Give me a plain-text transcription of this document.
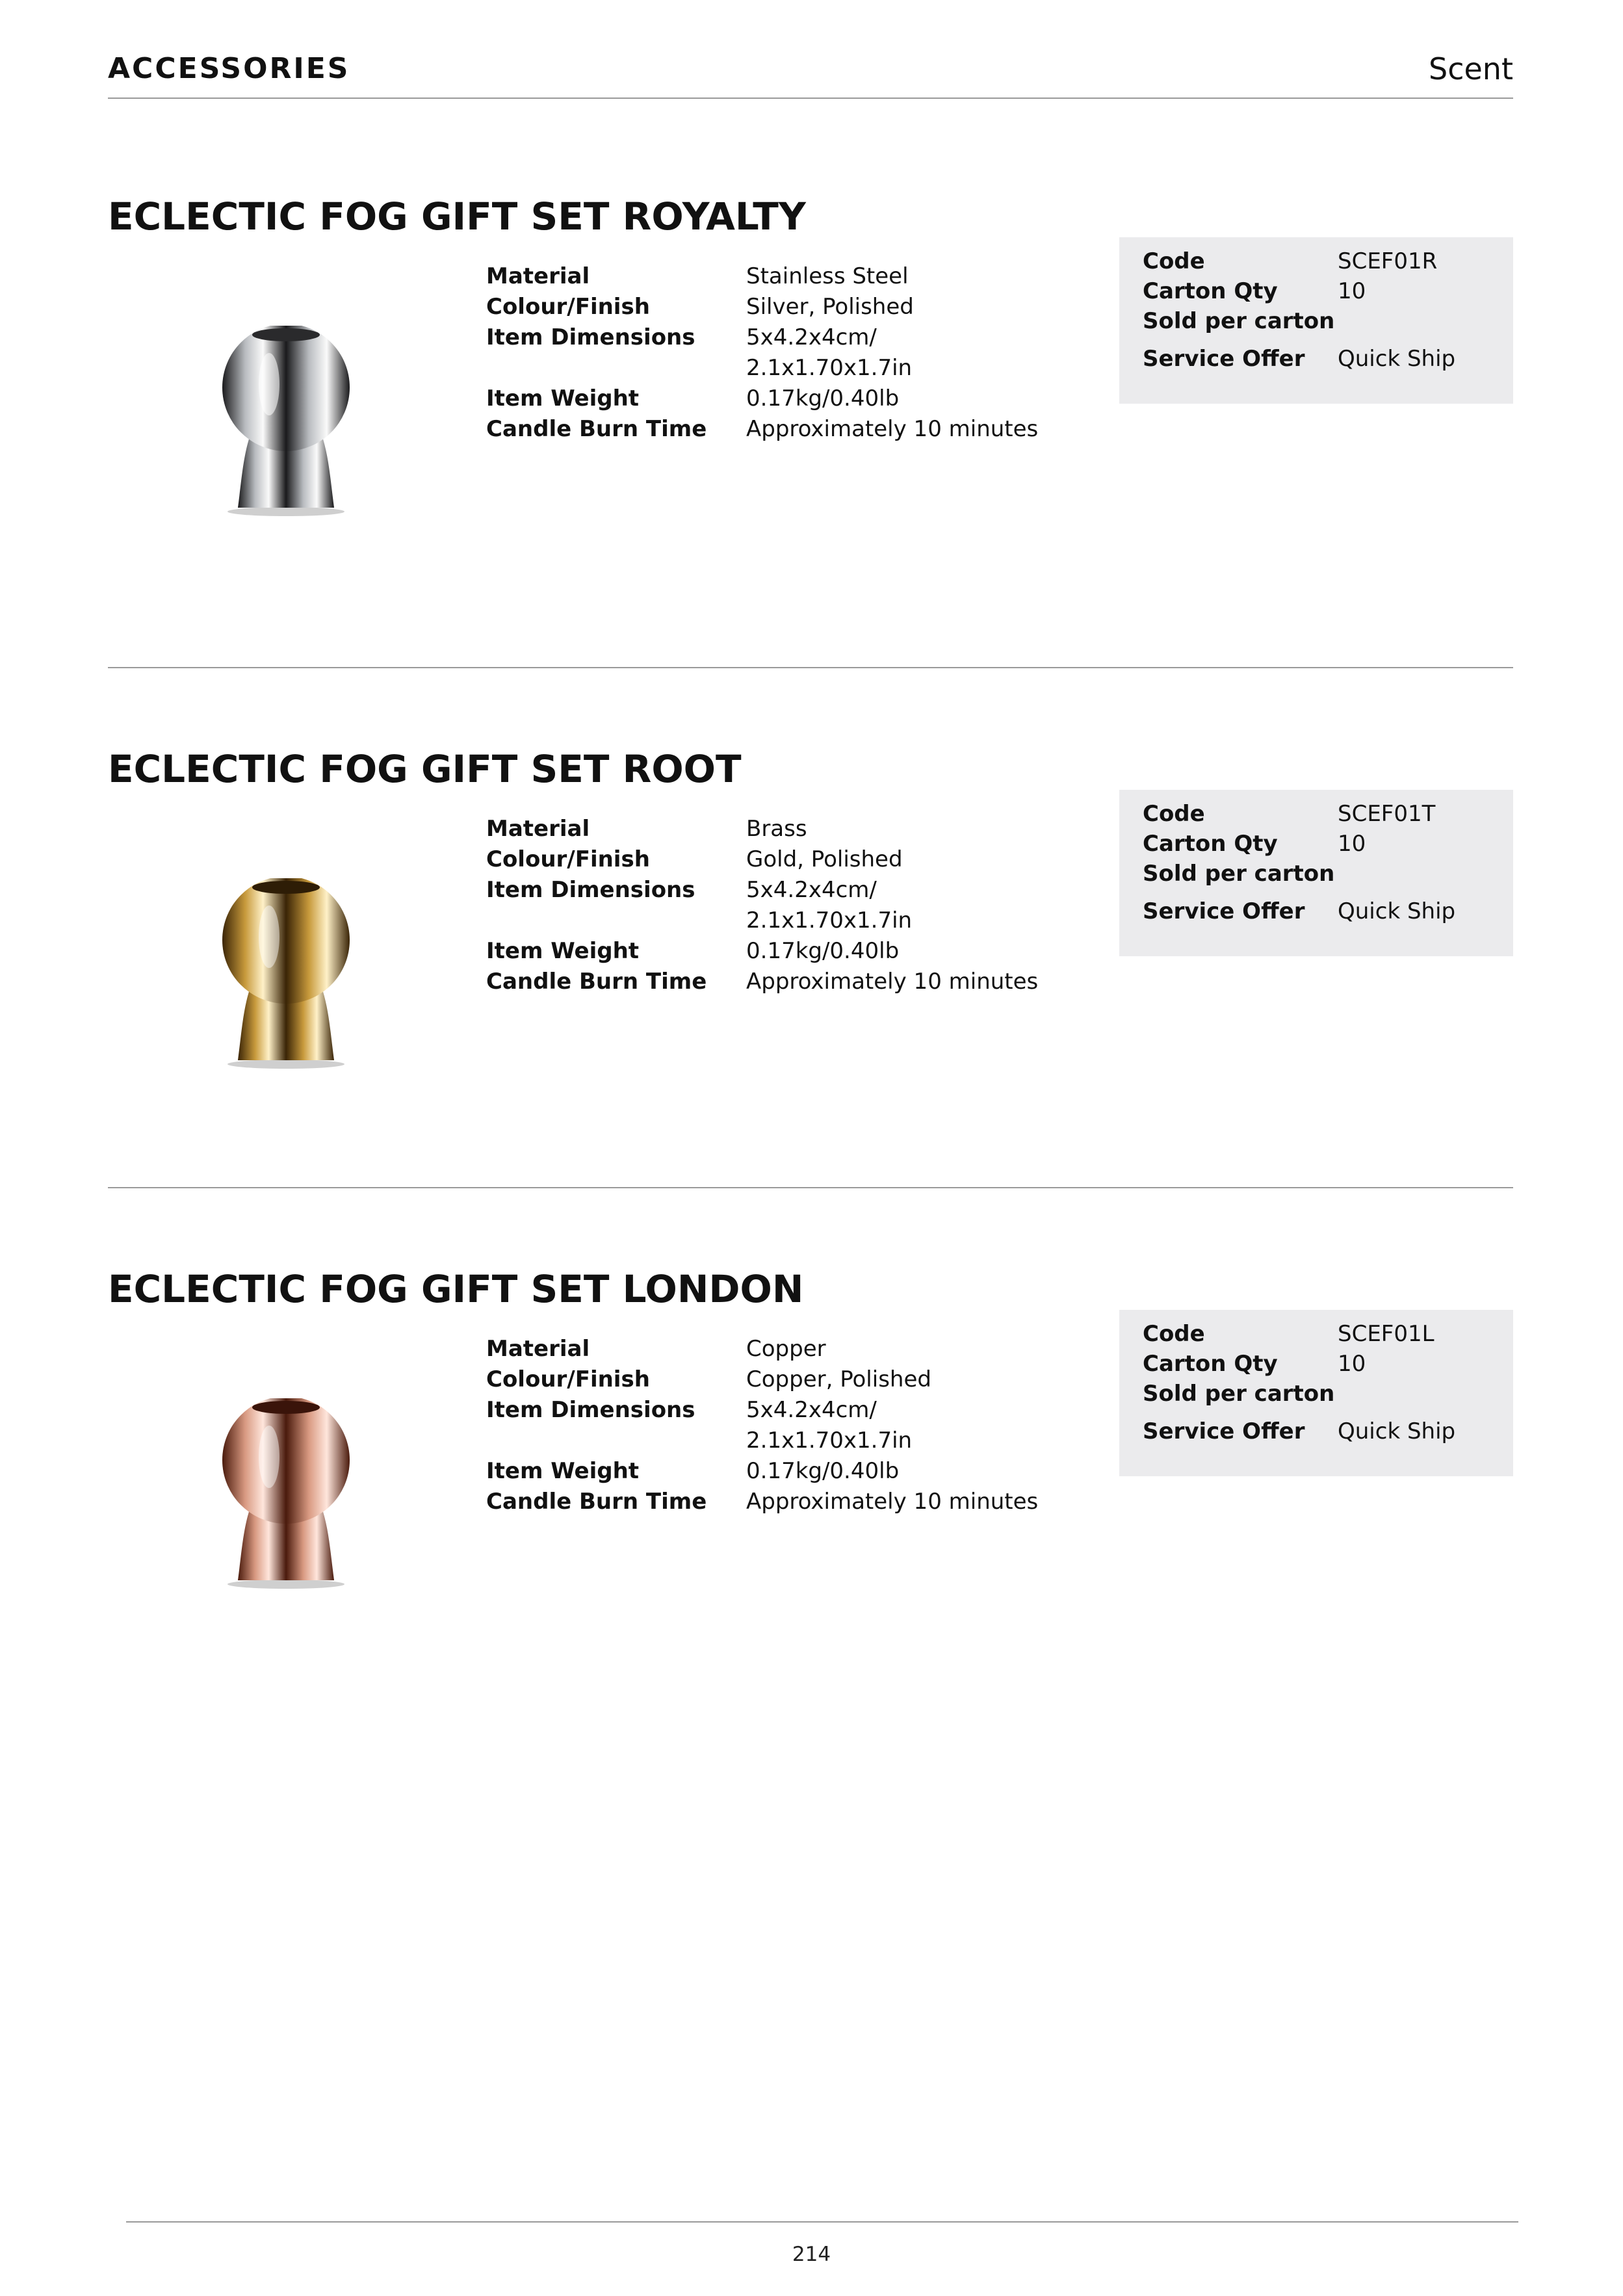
ACCESSORIES	Scent
ECLECTIC FOG GIFT SET ROYALTY
Material	Stainless Steel
Colour/Finish	Silver, Polished
Item Dimensions 5x4.2x4cm/
2.1x1.70x1.7in
Item Weight	0.17kg/0.40lb
Candle Burn Time Approximately 10 minutes
Code	SCEF01R
Carton Qty	10
Sold per carton
Service Offer Quick Ship
ECLECTIC FOG GIFT SET ROOT
Material	Brass
Colour/Finish	Gold, Polished
Item Dimensions 5x4.2x4cm/
2.1x1.70x1.7in
Item Weight	0.17kg/0.40lb
Candle Burn Time Approximately 10 minutes
Code	SCEF01T
Carton Qty	10
Sold per carton
Service Offer Quick Ship
ECLECTIC FOG GIFT SET LONDON
Material	Copper
Colour/Finish	Copper, Polished
Item Dimensions 5x4.2x4cm/
2.1x1.70x1.7in
Item Weight	0.17kg/0.40lb
Candle Burn Time Approximately 10 minutes
Code	SCEF01L
Carton Qty	10
Sold per carton
Service Offer Quick Ship
214
